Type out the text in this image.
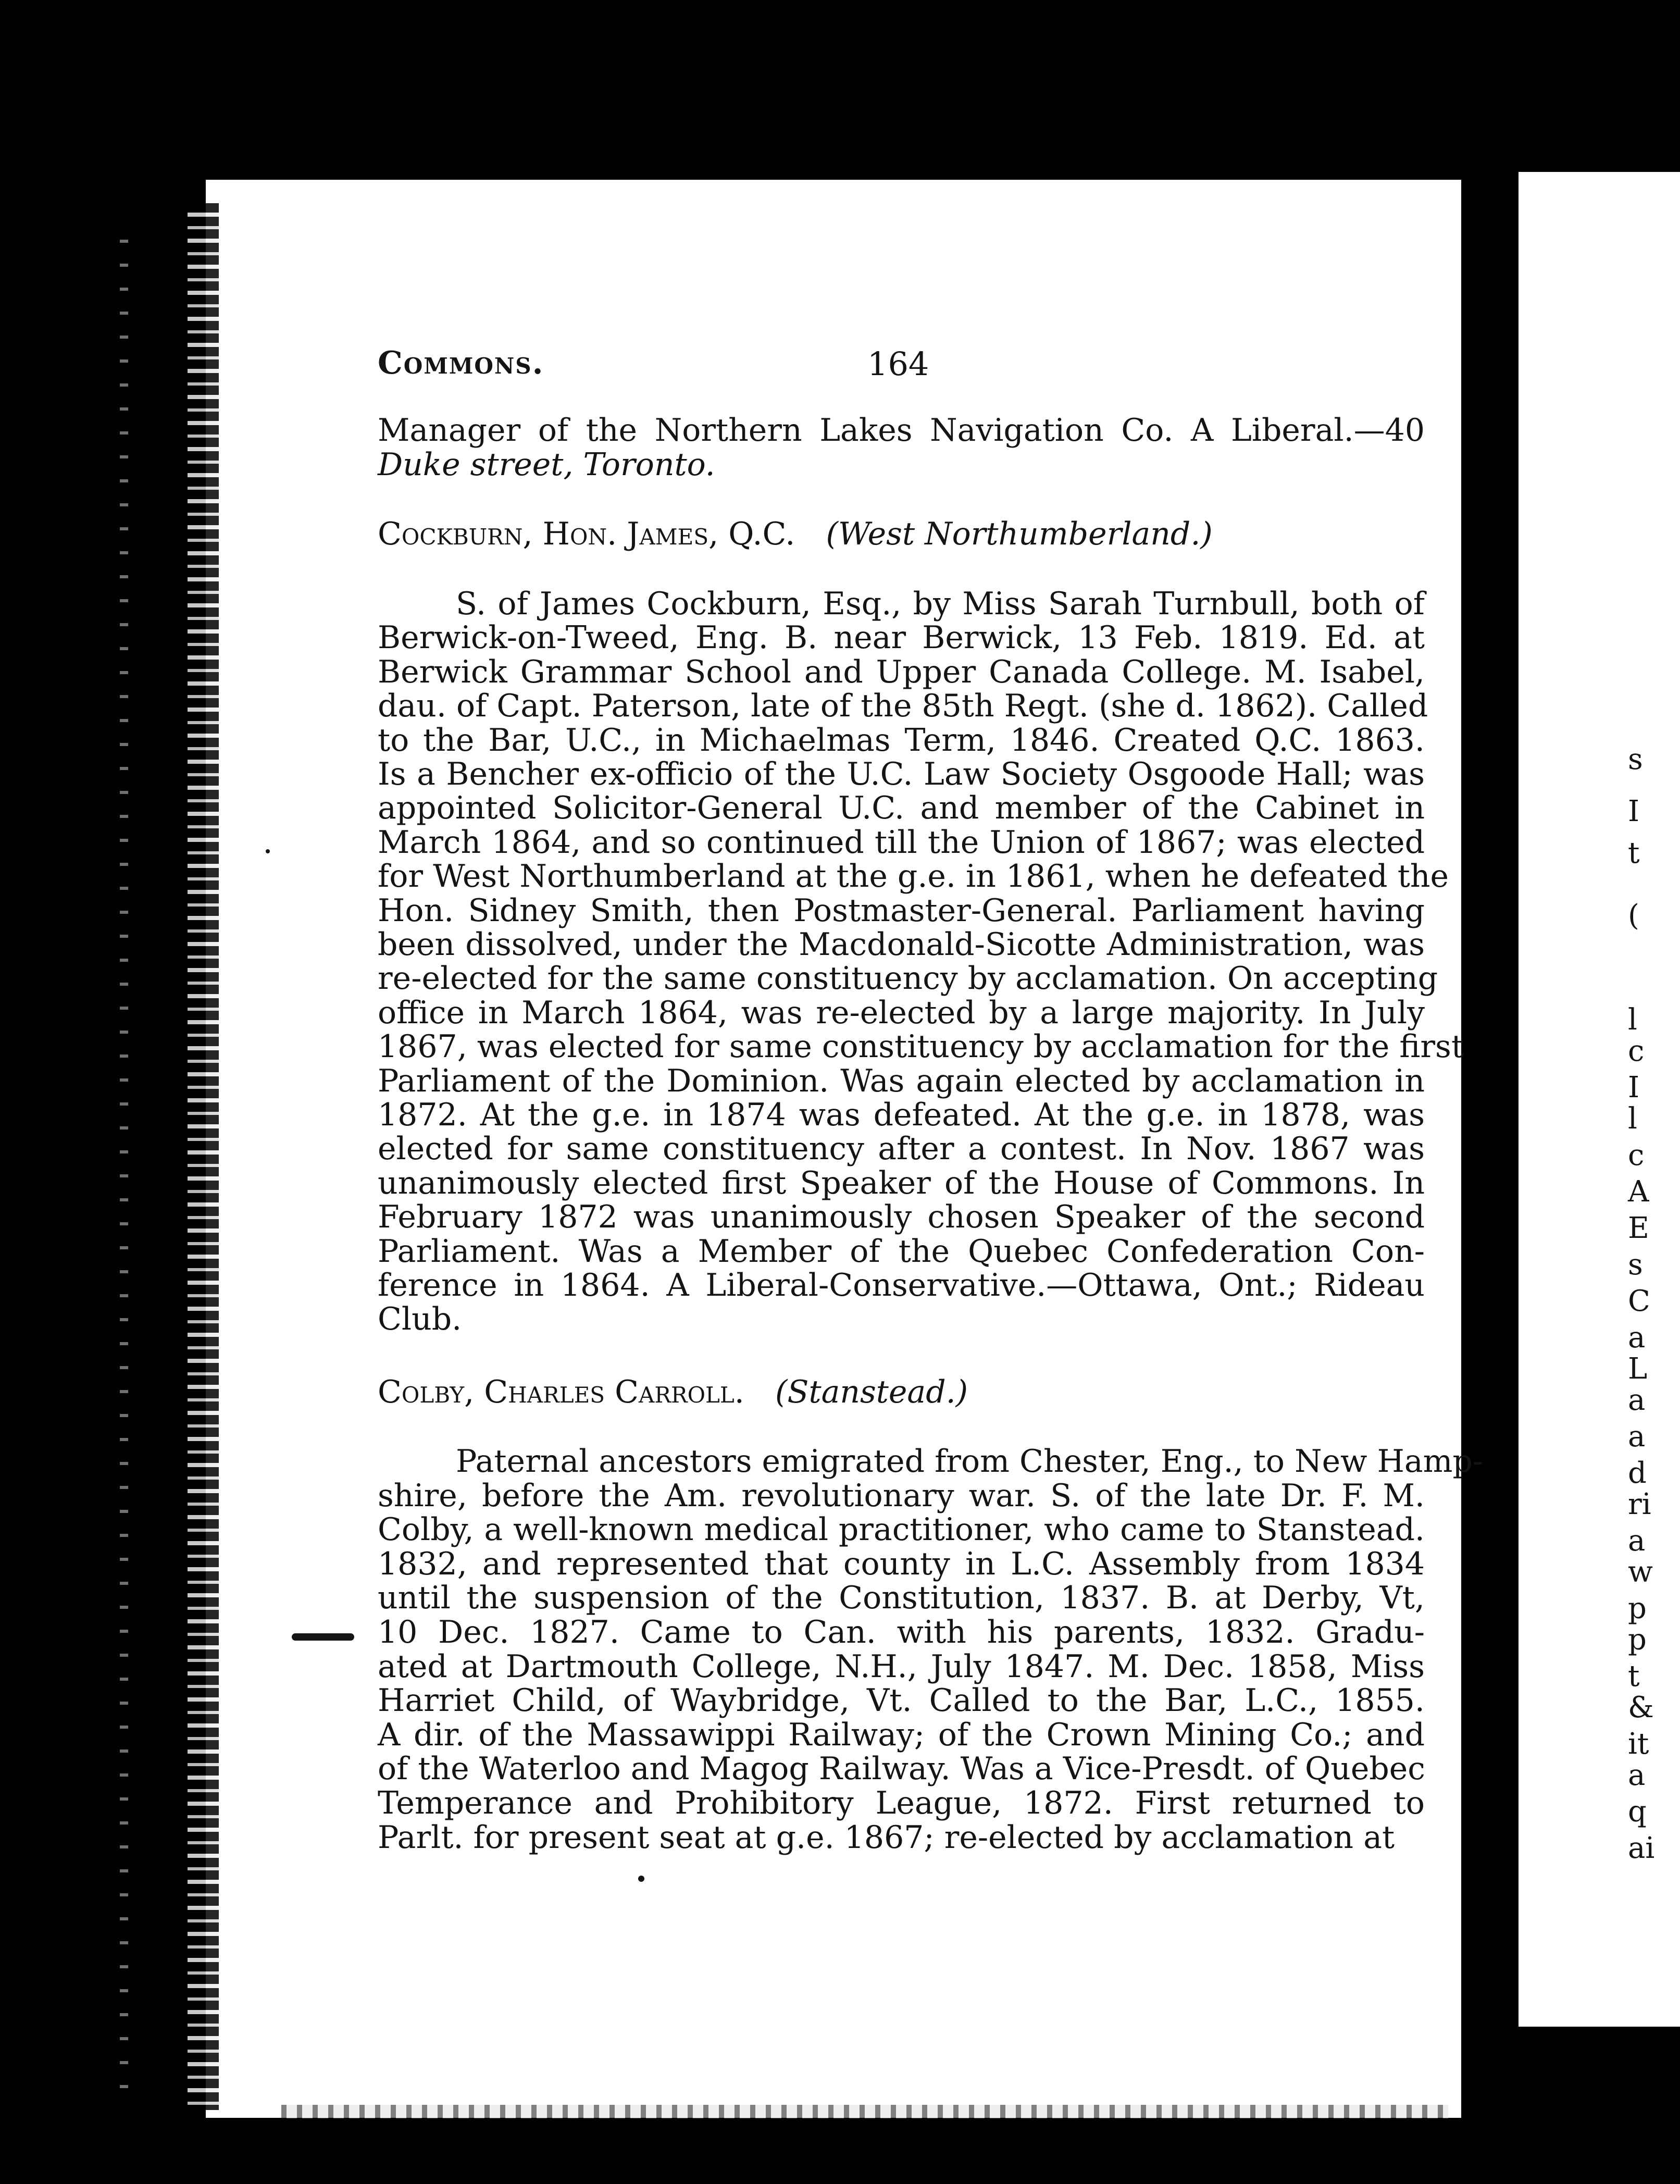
s
I
t
(
l
c
I
l
c
A
E
s
C
a
L
a
a
d
ri
a
w
p
p
t
&
it
a
q
ai
Commons.	164
Manager of the Northern Lakes Navigation Co. A Liberal.—40
Duke street, Toronto.
Cockburn, Hon. James, Q.C. (West Northumberland.)
S. of James Cockburn, Esq., by Miss Sarah Turnbull, both of
Berwick-on-Tweed, Eng. B. near Berwick, 13 Feb. 1819. Ed. at
Berwick Grammar School and Upper Canada College. M. Isabel,
dau. of Capt. Paterson, late of the 85th Regt. (she d. 1862). Called
to the Bar, U.C., in Michaelmas Term, 1846. Created Q.C. 1863.
Is a Bencher ex-officio of the U.C. Law Society Osgoode Hall; was
appointed Solicitor-General U.C. and member of the Cabinet in
March 1864, and so continued till the Union of 1867; was elected
for West Northumberland at the g.e. in 1861, when he defeated the
Hon. Sidney Smith, then Postmaster-General. Parliament having
been dissolved, under the Macdonald-Sicotte Administration, was
re-elected for the same constituency by acclamation. On accepting
office in March 1864, was re-elected by a large majority. In July
1867, was elected for same constituency by acclamation for the first
Parliament of the Dominion. Was again elected by acclamation in
1872. At the g.e. in 1874 was defeated. At the g.e. in 1878, was
elected for same constituency after a contest. In Nov. 1867 was
unanimously elected first Speaker of the House of Commons. In
February 1872 was unanimously chosen Speaker of the second
Parliament. Was a Member of the Quebec Confederation Con-
ference in 1864. A Liberal-Conservative.—Ottawa, Ont.; Rideau
Club.
Colby, Charles Carroll. (Stanstead.)
Paternal ancestors emigrated from Chester, Eng., to New Hamp-
shire, before the Am. revolutionary war. S. of the late Dr. F. M.
Colby, a well-known medical practitioner, who came to Stanstead.
1832, and represented that county in L.C. Assembly from 1834
until the suspension of the Constitution, 1837. B. at Derby, Vt,
10 Dec. 1827. Came to Can. with his parents, 1832. Gradu-
ated at Dartmouth College, N.H., July 1847. M. Dec. 1858, Miss
Harriet Child, of Waybridge, Vt. Called to the Bar, L.C., 1855.
A dir. of the Massawippi Railway; of the Crown Mining Co.; and
of the Waterloo and Magog Railway. Was a Vice-Presdt. of Quebec
Temperance and Prohibitory League, 1872. First returned to
Parlt. for present seat at g.e. 1867; re-elected by acclamation at
